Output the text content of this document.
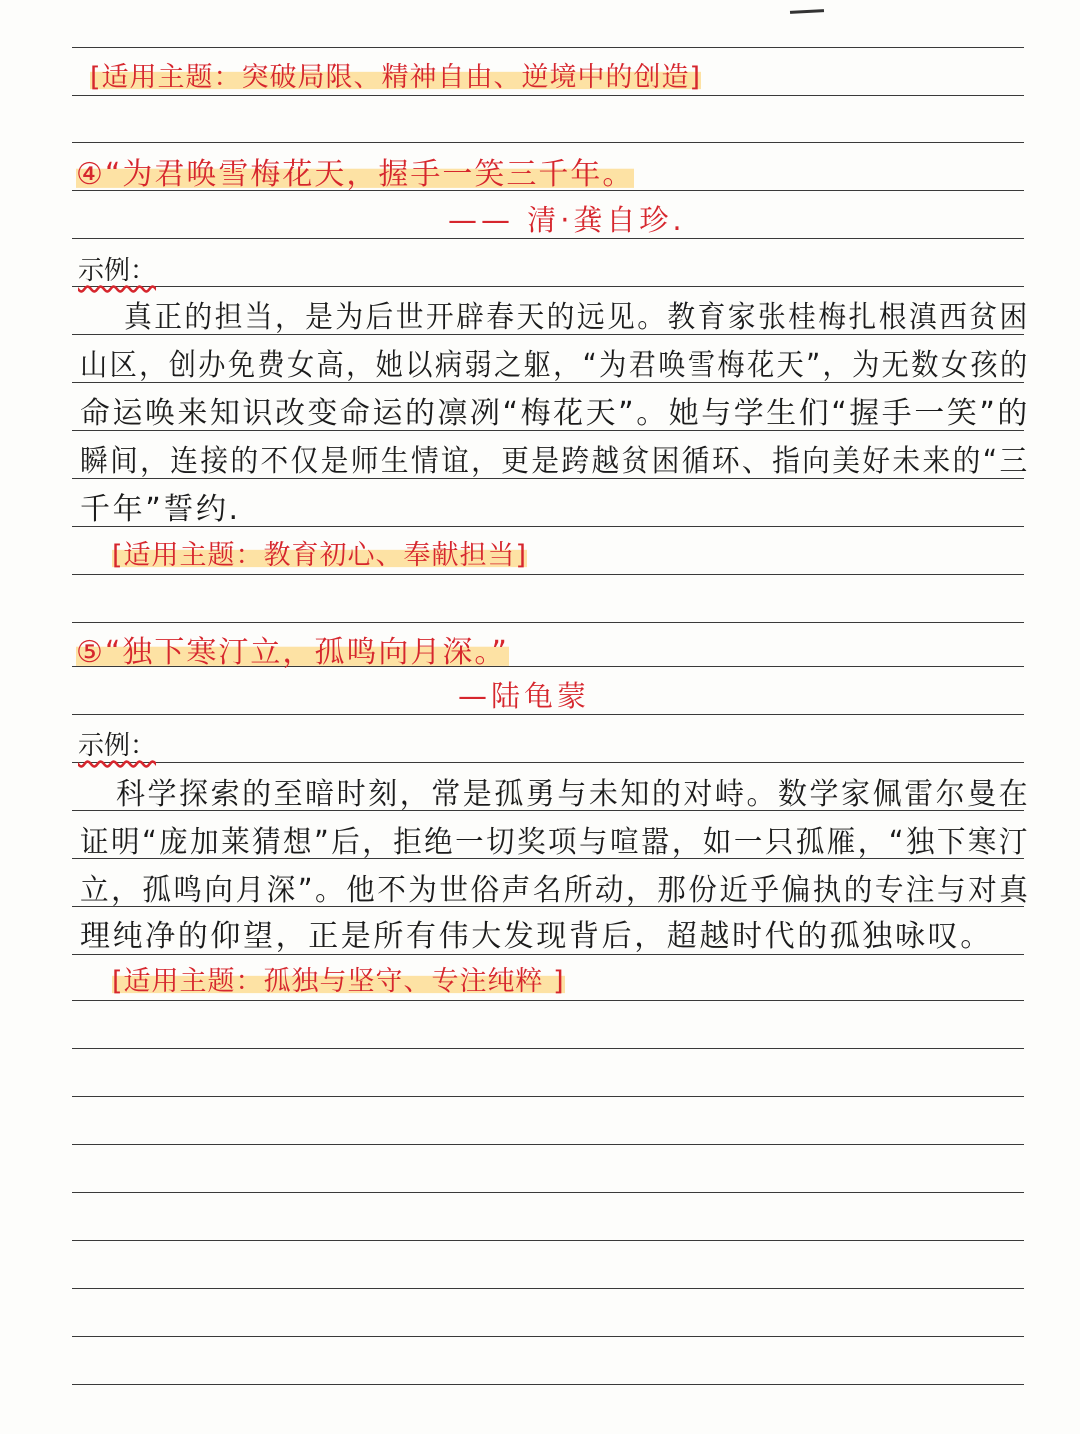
[适用主题：突破局限、精神自由、逆境中的创造]
④“为君唤雪梅花天，握手一笑三千年。
—— 清·龚自珍.
示例：
真正的担当，是为后世开辟春天的远见。教育家张桂梅扎根滇西贫困
山区，创办免费女高，她以病弱之躯，“为君唤雪梅花天”，为无数女孩的
命运唤来知识改变命运的凛冽“梅花天”。她与学生们“握手一笑”的
瞬间，连接的不仅是师生情谊，更是跨越贫困循环、指向美好未来的“三
千年”誓约.
[适用主题：教育初心、奉献担当]
⑤“独下寒汀立，孤鸣向月深。”
—陆龟蒙
示例：
科学探索的至暗时刻，常是孤勇与未知的对峙。数学家佩雷尔曼在
证明“庞加莱猜想”后，拒绝一切奖项与喧嚣，如一只孤雁，“独下寒汀
立，孤鸣向月深”。他不为世俗声名所动，那份近乎偏执的专注与对真
理纯净的仰望，正是所有伟大发现背后，超越时代的孤独咏叹。
[适用主题：孤独与坚守、专注纯粹 ]
